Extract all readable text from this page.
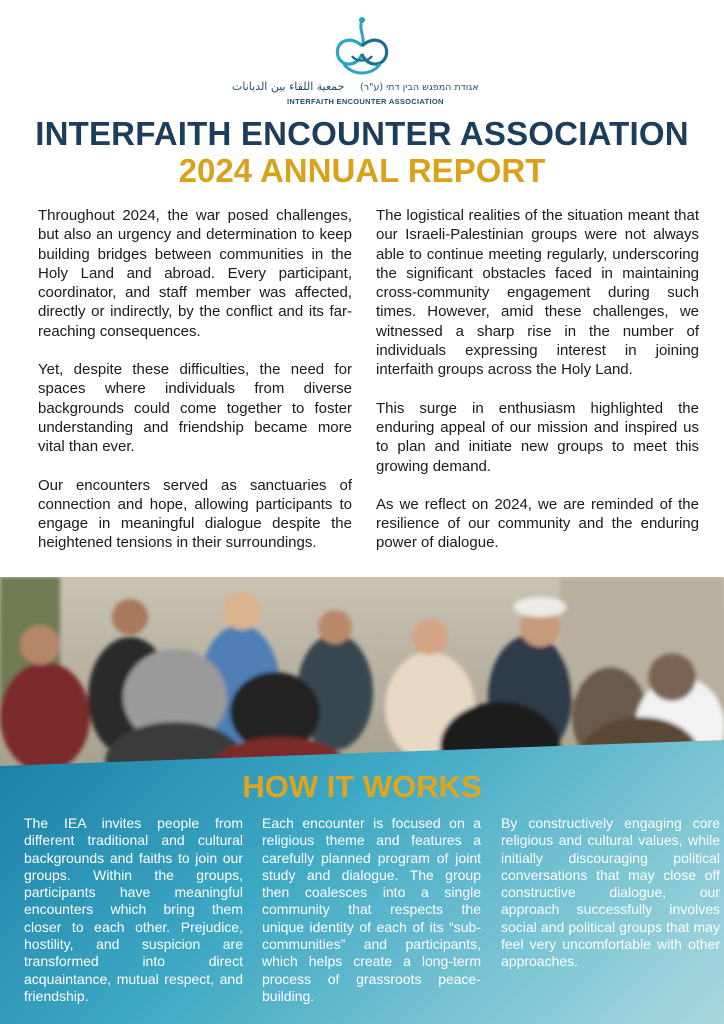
جمعية اللقاء بين الديانات אגודת המפגש הבין דתי (ע"ר)
INTERFAITH ENCOUNTER ASSOCIATION
INTERFAITH ENCOUNTER ASSOCIATION
2024 ANNUAL REPORT

Throughout 2024, the war posed challenges, but also an urgency and determination to keep building bridges between communities in the Holy Land and abroad. Every participant, coordinator, and staff member was affected, directly or indirectly, by the conflict and its far-reaching consequences.

Yet, despite these difficulties, the need for spaces where individuals from diverse backgrounds could come together to foster understanding and friendship became more vital than ever.

Our encounters served as sanctuaries of connection and hope, allowing participants to engage in meaningful dialogue despite the heightened tensions in their surroundings.

The logistical realities of the situation meant that our Israeli-Palestinian groups were not always able to continue meeting regularly, underscoring the significant obstacles faced in maintaining cross-community engagement during such times. However, amid these challenges, we witnessed a sharp rise in the number of individuals expressing interest in joining interfaith groups across the Holy Land.

This surge in enthusiasm highlighted the enduring appeal of our mission and inspired us to plan and initiate new groups to meet this growing demand.

As we reflect on 2024, we are reminded of the resilience of our community and the enduring power of dialogue.

HOW IT WORKS

The IEA invites people from different traditional and cultural backgrounds and faiths to join our groups. Within the groups, participants have meaningful encounters which bring them closer to each other. Prejudice, hostility, and suspicion are transformed into direct acquaintance, mutual respect, and friendship.

Each encounter is focused on a religious theme and features a carefully planned program of joint study and dialogue. The group then coalesces into a single community that respects the unique identity of each of its “sub-communities” and participants, which helps create a long-term process of grassroots peace-building.

By constructively engaging core religious and cultural values, while initially discouraging political conversations that may close off constructive dialogue, our approach successfully involves social and political groups that may feel very uncomfortable with other approaches.
